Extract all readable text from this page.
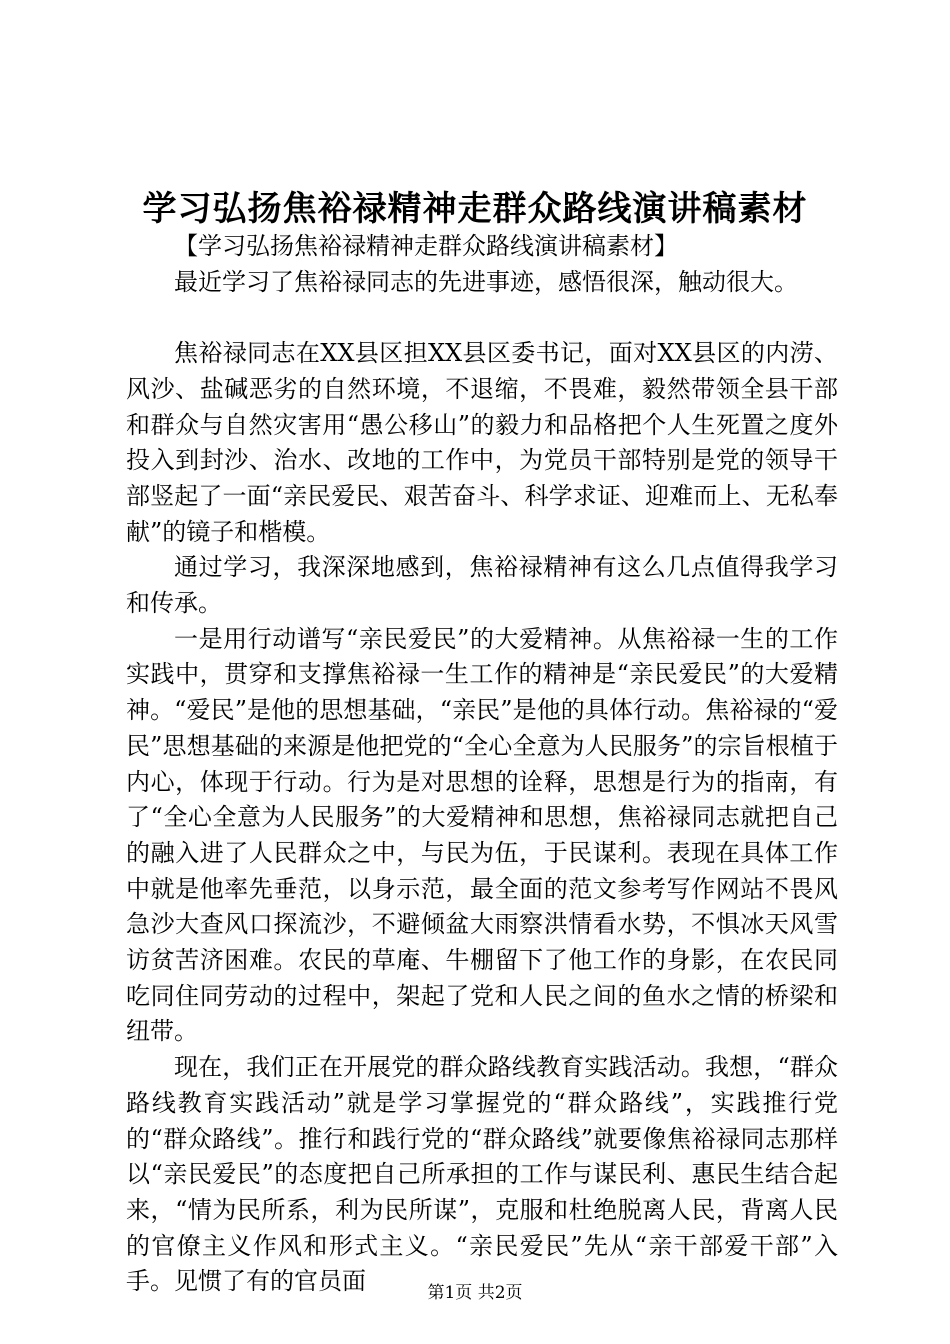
学习弘扬焦裕禄精神走群众路线演讲稿素材

【学习弘扬焦裕禄精神走群众路线演讲稿素材】

最近学习了焦裕禄同志的先进事迹，感悟很深，触动很大。

焦裕禄同志在XX县区担XX县区委书记，面对XX县区的内涝、风沙、盐碱恶劣的自然环境，不退缩，不畏难，毅然带领全县干部和群众与自然灾害用“愚公移山”的毅力和品格把个人生死置之度外投入到封沙、治水、改地的工作中，为党员干部特别是党的领导干部竖起了一面“亲民爱民、艰苦奋斗、科学求证、迎难而上、无私奉献”的镜子和楷模。

通过学习，我深深地感到，焦裕禄精神有这么几点值得我学习和传承。

一是用行动谱写“亲民爱民”的大爱精神。从焦裕禄一生的工作实践中，贯穿和支撑焦裕禄一生工作的精神是“亲民爱民”的大爱精神。“爱民”是他的思想基础，“亲民”是他的具体行动。焦裕禄的“爱民”思想基础的来源是他把党的“全心全意为人民服务”的宗旨根植于内心，体现于行动。行为是对思想的诠释，思想是行为的指南，有了“全心全意为人民服务”的大爱精神和思想，焦裕禄同志就把自己的融入进了人民群众之中，与民为伍，于民谋利。表现在具体工作中就是他率先垂范，以身示范，最全面的范文参考写作网站不畏风急沙大查风口探流沙，不避倾盆大雨察洪情看水势，不惧冰天风雪访贫苦济困难。农民的草庵、牛棚留下了他工作的身影，在农民同吃同住同劳动的过程中，架起了党和人民之间的鱼水之情的桥梁和纽带。

现在，我们正在开展党的群众路线教育实践活动。我想，“群众路线教育实践活动”就是学习掌握党的“群众路线”，实践推行党的“群众路线”。推行和践行党的“群众路线”就要像焦裕禄同志那样以“亲民爱民”的态度把自己所承担的工作与谋民利、惠民生结合起来，“情为民所系，利为民所谋”，克服和杜绝脱离人民，背离人民的官僚主义作风和形式主义。“亲民爱民”先从“亲干部爱干部”入手。见惯了有的官员面	第1页 共2页
